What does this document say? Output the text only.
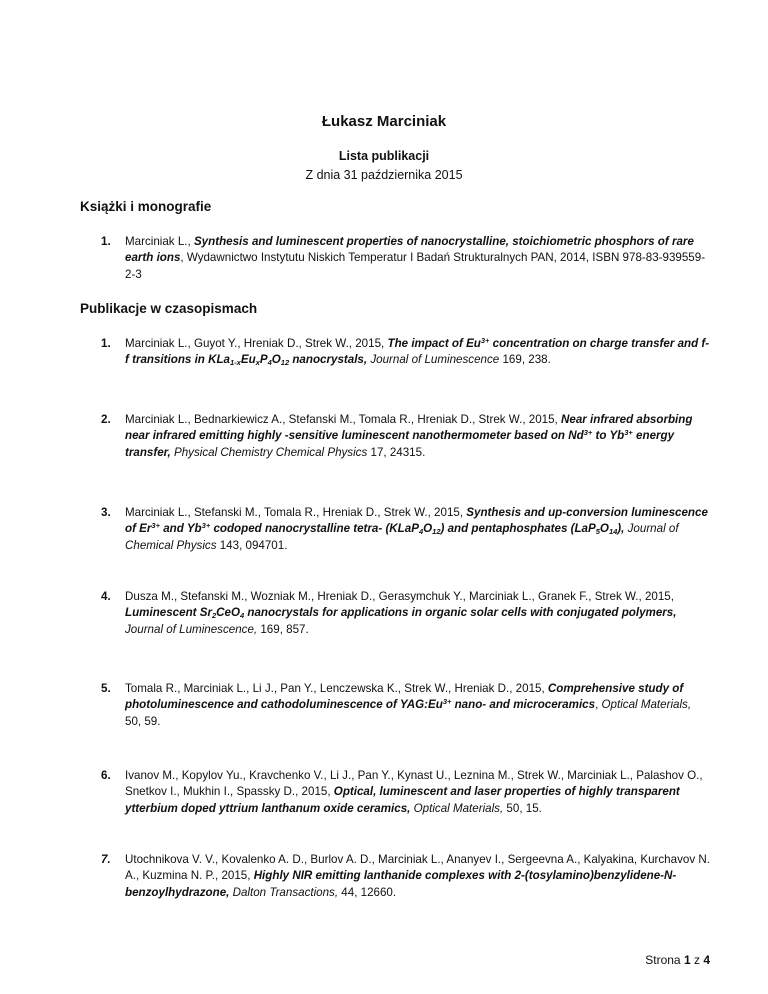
Łukasz Marciniak
Lista publikacji
Z dnia 31 października 2015
Książki i monografie
1. Marciniak L., Synthesis and luminescent properties of nanocrystalline, stoichiometric phosphors of rare earth ions, Wydawnictwo Instytutu Niskich Temperatur I Badań Strukturalnych PAN, 2014, ISBN 978-83-939559-2-3
Publikacje w czasopismach
1. Marciniak L., Guyot Y., Hreniak D., Strek W., 2015, The impact of $Eu^{3+}$ concentration on charge transfer and f-f transitions in $KLa_{1-x}Eu_xP_4O_{12}$ nanocrystals, Journal of Luminescence 169, 238.
2. Marciniak L., Bednarkiewicz A., Stefanski M., Tomala R., Hreniak D., Strek W., 2015, Near infrared absorbing near infrared emitting highly -sensitive luminescent nanothermometer based on $Nd^{3+}$ to $Yb^{3+}$ energy transfer, Physical Chemistry Chemical Physics 17, 24315.
3. Marciniak L., Stefanski M., Tomala R., Hreniak D., Strek W., 2015, Synthesis and up-conversion luminescence of $Er^{3+}$ and $Yb^{3+}$ codoped nanocrystalline tetra- $(KLaP_4O_{12})$ and pentaphosphates $(LaP_5O_{14})$, Journal of Chemical Physics 143, 094701.
4. Dusza M., Stefanski M., Wozniak M., Hreniak D., Gerasymchuk Y., Marciniak L., Granek F., Strek W., 2015, Luminescent $Sr_2CeO_4$ nanocrystals for applications in organic solar cells with conjugated polymers, Journal of Luminescence, 169, 857.
5. Tomala R., Marciniak L., Li J., Pan Y., Lenczewska K., Strek W., Hreniak D., 2015, Comprehensive study of photoluminescence and cathodoluminescence of $YAG:Eu^{3+}$ nano- and microceramics, Optical Materials, 50, 59.
6. Ivanov M., Kopylov Yu., Kravchenko V., Li J., Pan Y., Kynast U., Leznina M., Strek W., Marciniak L., Palashov O., Snetkov I., Mukhin I., Spassky D., 2015, Optical, luminescent and laser properties of highly transparent ytterbium doped yttrium lanthanum oxide ceramics, Optical Materials, 50, 15.
7. Utochnikova V. V., Kovalenko A. D., Burlov A. D., Marciniak L., Ananyev I., Sergeevna A., Kalyakina, Kurchavov N. A., Kuzmina N. P., 2015, Highly NIR emitting lanthanide complexes with 2-(tosylamino)benzylidene-N-benzoylhydrazone, Dalton Transactions, 44, 12660.
Strona 1 z 4
